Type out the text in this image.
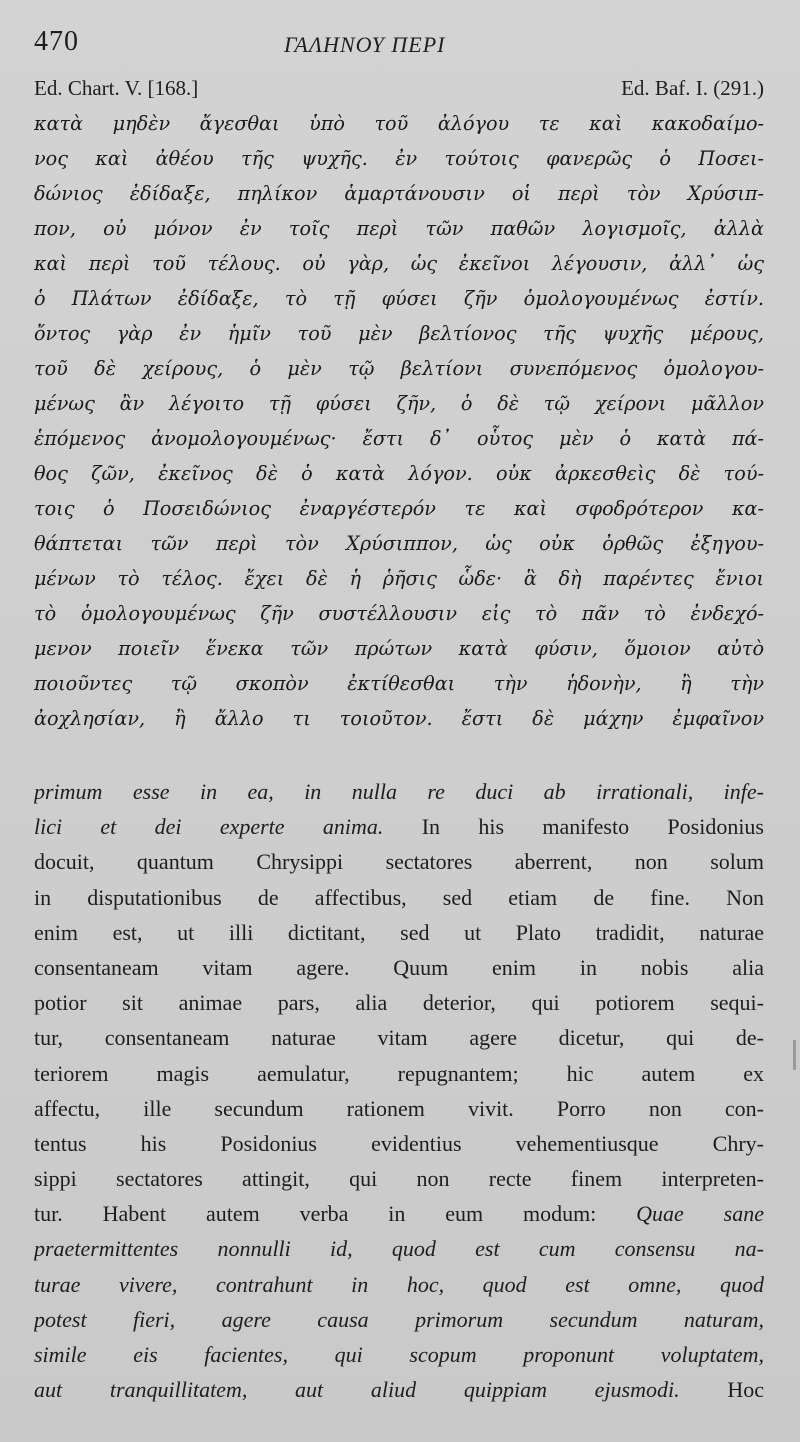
470	ΓΑΛΗΝΟΥ ΠΕΡΙ
Ed. Chart. V. [168.]	Ed. Baf. I. (291.)
κατὰ μηδὲν ἄγεσθαι ὑπὸ τοῦ ἀλόγου τε καὶ κακοδαίμο-
νος καὶ ἀθέου τῆς ψυχῆς. ἐν τούτοις φανερῶς ὁ Ποσει-
δώνιος ἐδίδαξε, πηλίκον ἁμαρτάνουσιν οἱ περὶ τὸν Χρύσιπ-
πον, οὐ μόνον ἐν τοῖς περὶ τῶν παθῶν λογισμοῖς, ἀλλὰ
καὶ περὶ τοῦ τέλους. οὐ γὰρ, ὡς ἐκεῖνοι λέγουσιν, ἀλλ᾽ ὡς
ὁ Πλάτων ἐδίδαξε, τὸ τῇ φύσει ζῆν ὁμολογουμένως ἐστίν.
ὄντος γὰρ ἐν ἡμῖν τοῦ μὲν βελτίονος τῆς ψυχῆς μέρους,
τοῦ δὲ χείρους, ὁ μὲν τῷ βελτίονι συνεπόμενος ὁμολογου-
μένως ἂν λέγοιτο τῇ φύσει ζῆν, ὁ δὲ τῷ χείρονι μᾶλλον
ἑπόμενος ἀνομολογουμένως· ἔστι δ᾽ οὗτος μὲν ὁ κατὰ πά-
θος ζῶν, ἐκεῖνος δὲ ὁ κατὰ λόγον. οὐκ ἀρκεσθεὶς δὲ τού-
τοις ὁ Ποσειδώνιος ἐναργέστερόν τε καὶ σφοδρότερον κα-
θάπτεται τῶν περὶ τὸν Χρύσιππον, ὡς οὐκ ὀρθῶς ἐξηγου-
μένων τὸ τέλος. ἔχει δὲ ἡ ῥῆσις ὧδε· ἃ δὴ παρέντες ἔνιοι
τὸ ὁμολογουμένως ζῆν συστέλλουσιν εἰς τὸ πᾶν τὸ ἐνδεχό-
μενον ποιεῖν ἕνεκα τῶν πρώτων κατὰ φύσιν, ὅμοιον αὐτὸ
ποιοῦντες τῷ σκοπὸν ἐκτίθεσθαι τὴν ἡδονὴν, ἢ τὴν
ἀοχλησίαν, ἢ ἄλλο τι τοιοῦτον. ἔστι δὲ μάχην ἐμφαῖνον
primum esse in ea, in nulla re duci ab irrationali, infe-
lici et dei experte anima. In his manifesto Posidonius
docuit, quantum Chrysippi sectatores aberrent, non solum
in disputationibus de affectibus, sed etiam de fine. Non
enim est, ut illi dictitant, sed ut Plato tradidit, naturae
consentaneam vitam agere. Quum enim in nobis alia
potior sit animae pars, alia deterior, qui potiorem sequi-
tur, consentaneam naturae vitam agere dicetur, qui de-
teriorem magis aemulatur, repugnantem; hic autem ex
affectu, ille secundum rationem vivit. Porro non con-
tentus his Posidonius evidentius vehementiusque Chry-
sippi sectatores attingit, qui non recte finem interpreten-
tur. Habent autem verba in eum modum: Quae sane
praetermittentes nonnulli id, quod est cum consensu na-
turae vivere, contrahunt in hoc, quod est omne, quod
potest fieri, agere causa primorum secundum naturam,
simile eis facientes, qui scopum proponunt voluptatem,
aut tranquillitatem, aut aliud quippiam ejusmodi. Hoc
